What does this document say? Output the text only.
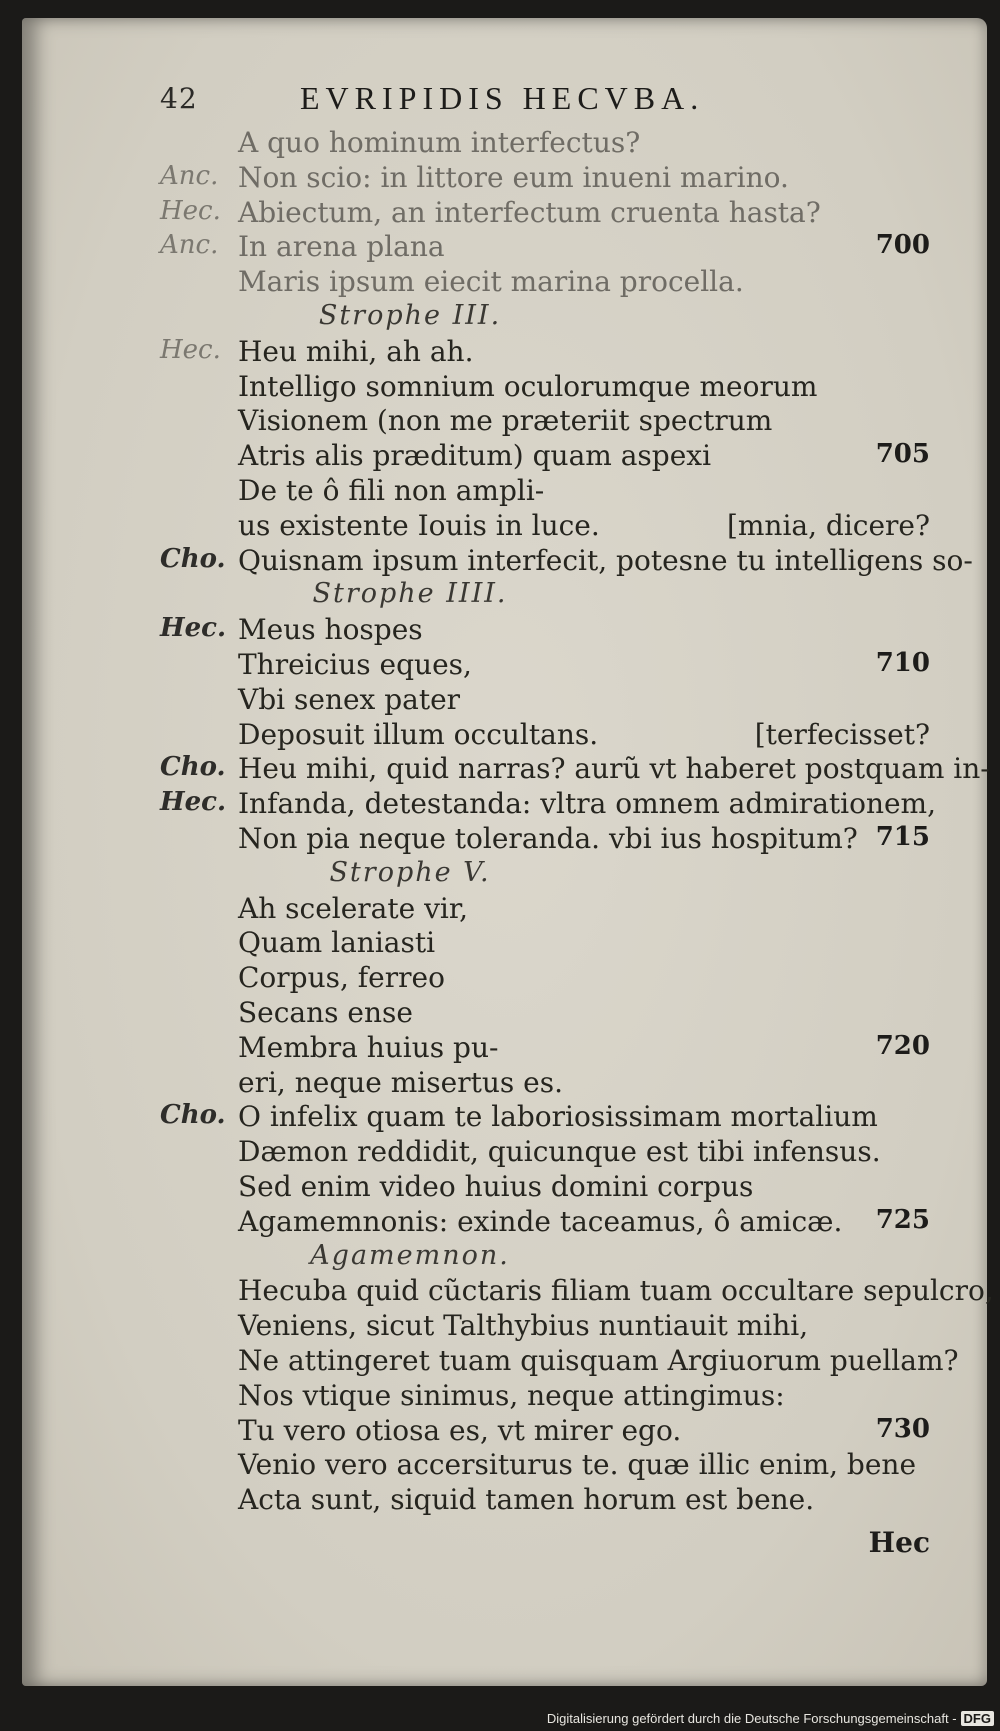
42	EVRIPIDIS HECVBA.
A quo hominum interfectus?
Anc. Non scio: in littore eum inueni marino.
Hec. Abiectum, an interfectum cruenta hasta?
Anc. In arena plana	700
Maris ipsum eiecit marina procella.
Strophe III.
Hec. Heu mihi, ah ah.
Intelligo somnium oculorumque meorum
Visionem (non me præteriit spectrum
Atris alis præditum) quam aspexi	705
De te ô fili non ampli-
us existente Iouis in luce.	[mnia, dicere?
Cho. Quisnam ipsum interfecit, potesne tu intelligens so-
Strophe IIII.
Hec. Meus hospes
Threicius eques,	710
Vbi senex pater
Deposuit illum occultans.	[terfecisset?
Cho. Heu mihi, quid narras? aurũ vt haberet postquam in-
Hec. Infanda, detestanda: vltra omnem admirationem,
Non pia neque toleranda. vbi ius hospitum? 715
Strophe V.
Ah scelerate vir,
Quam laniasti
Corpus, ferreo
Secans ense
Membra huius pu-	720
eri, neque misertus es.
Cho. O infelix quam te laboriosissimam mortalium
Dæmon reddidit, quicunque est tibi infensus.
Sed enim video huius domini corpus
Agamemnonis: exinde taceamus, ô amicæ. 725
Agamemnon.
Hecuba quid cũctaris filiam tuam occultare sepulcro,
Veniens, sicut Talthybius nuntiauit mihi,
Ne attingeret tuam quisquam Argiuorum puellam?
Nos vtique sinimus, neque attingimus:
Tu vero otiosa es, vt mirer ego.	730
Venio vero accersiturus te. quæ illic enim, bene
Acta sunt, siquid tamen horum est bene.
Hec
Digitalisierung gefördert durch die Deutsche Forschungsgemeinschaft - DFG
